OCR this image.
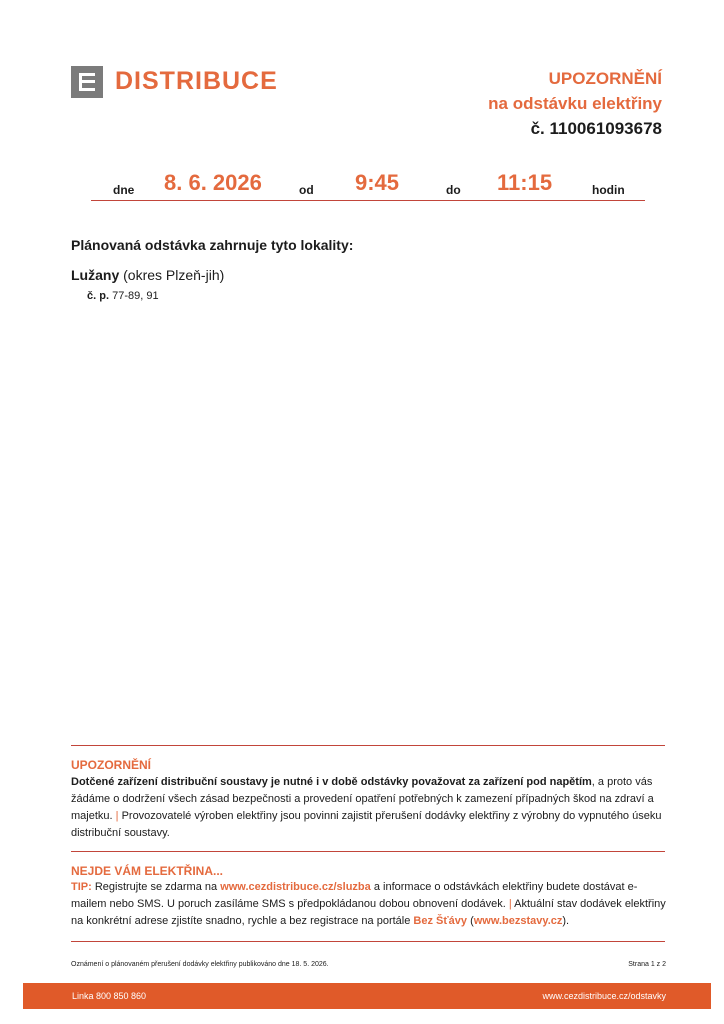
DISTRIBUCE	UPOZORNĚNÍ
na odstávku elektřiny
č. 110061093678
dne 8. 6. 2026	od 9:45	do 11:15	hodin
Plánovaná odstávka zahrnuje tyto lokality:
Lužany (okres Plzeň-jih)
č. p. 77-89, 91
UPOZORNĚNÍ
Dotčené zařízení distribuční soustavy je nutné i v době odstávky považovat za zařízení pod napětím, a proto vás žádáme o dodržení všech zásad bezpečnosti a provedení opatření potřebných k zamezení případných škod na zdraví a majetku. | Provozovatelé výroben elektřiny jsou povinni zajistit přerušení dodávky elektřiny z výrobny do vypnutého úseku distribuční soustavy.
NEJDE VÁM ELEKTŘINA...
TIP: Registrujte se zdarma na www.cezdistribuce.cz/sluzba a informace o odstávkách elektřiny budete dostávat e-mailem nebo SMS. U poruch zasíláme SMS s předpokládanou dobou obnovení dodávek. | Aktuální stav dodávek elektřiny na konkrétní adrese zjistíte snadno, rychle a bez registrace na portále Bez Šťávy (www.bezstavy.cz).
Oznámení o plánovaném přerušení dodávky elektřiny publikováno dne 18. 5. 2026.	Strana 1 z 2
Linka 800 850 860	www.cezdistribuce.cz/odstavky
